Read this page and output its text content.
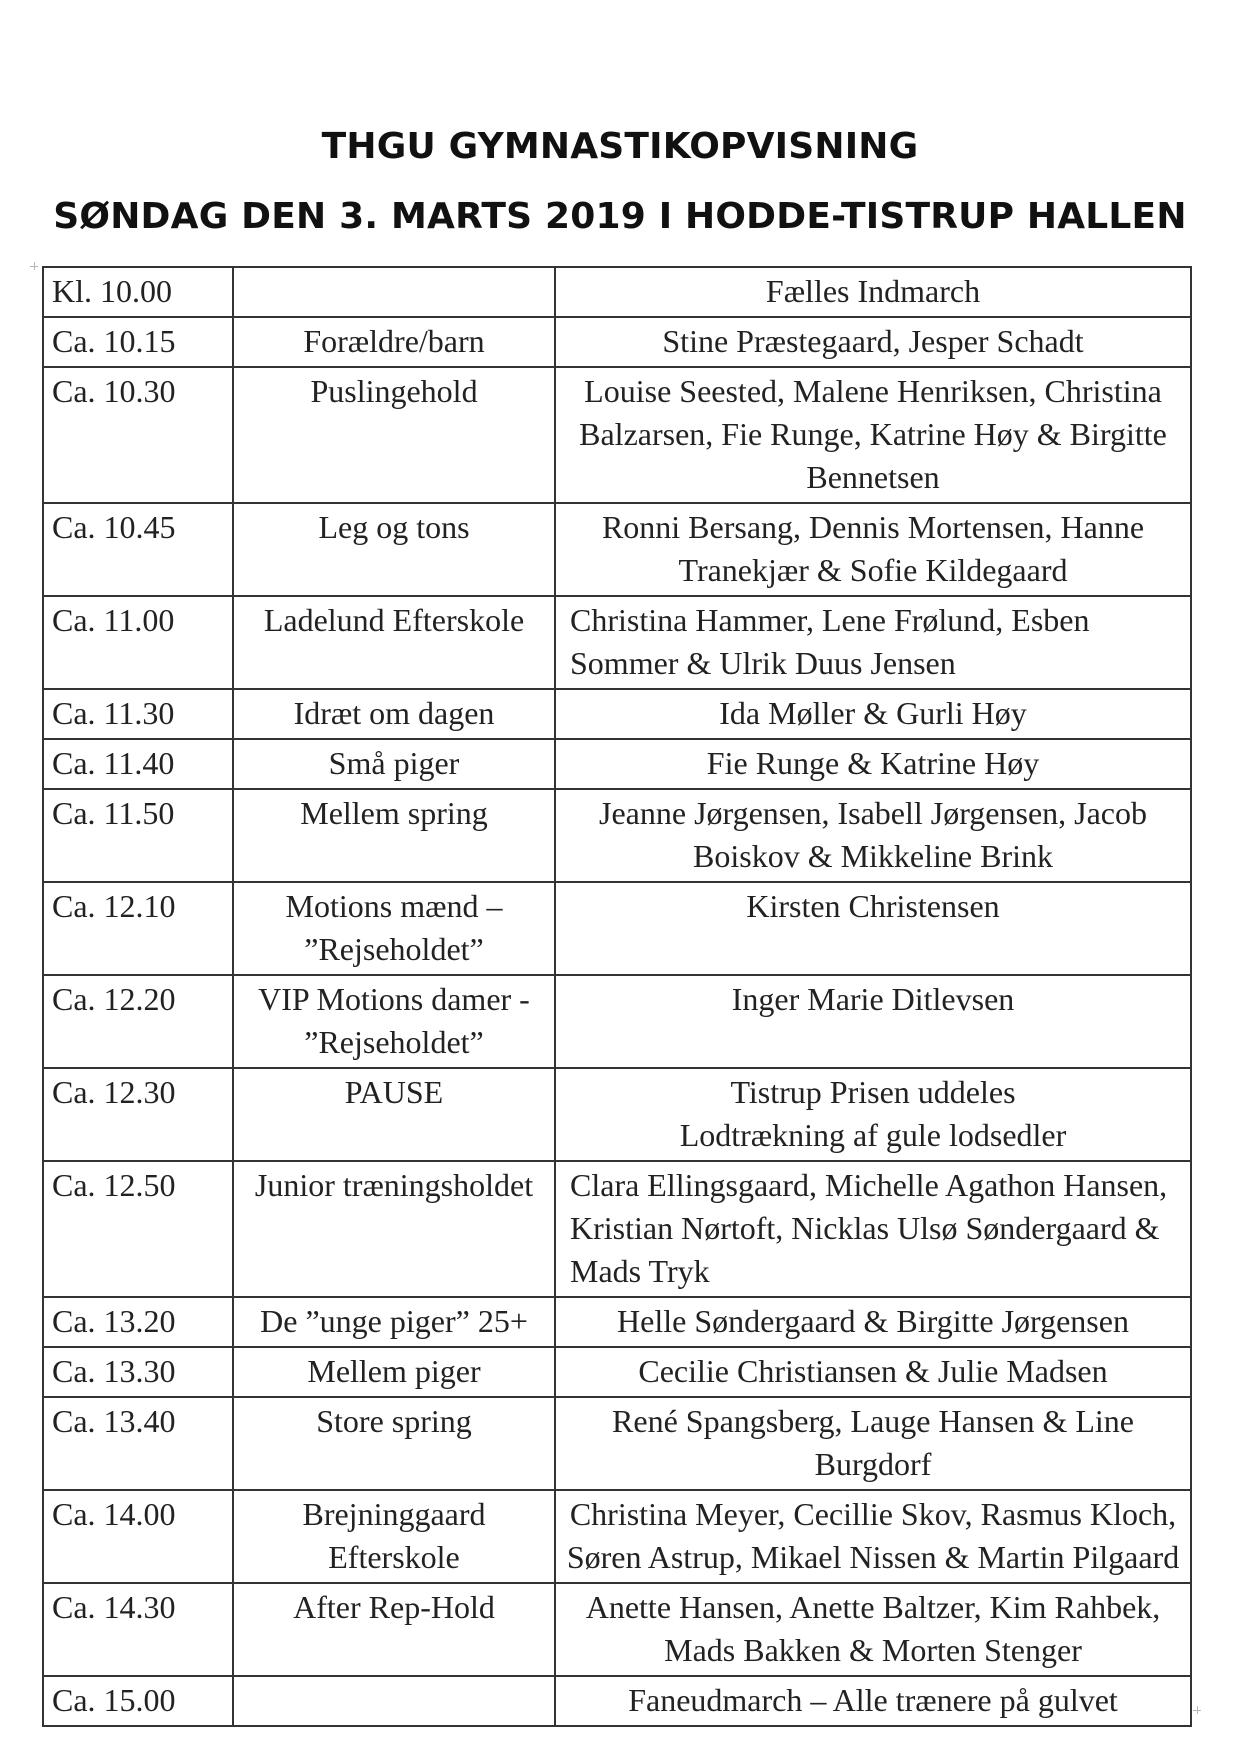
THGU GYMNASTIKOPVISNING
SØNDAG DEN 3. MARTS 2019 I HODDE-TISTRUP HALLEN
Kl. 10.00		Fælles Indmarch
Ca. 10.15	Forældre/barn	Stine Præstegaard, Jesper Schadt
Ca. 10.30	Puslingehold	Louise Seested, Malene Henriksen, Christina Balzarsen, Fie Runge, Katrine Høy & Birgitte Bennetsen
Ca. 10.45	Leg og tons	Ronni Bersang, Dennis Mortensen, Hanne Tranekjær & Sofie Kildegaard
Ca. 11.00	Ladelund Efterskole	Christina Hammer, Lene Frølund, Esben Sommer & Ulrik Duus Jensen
Ca. 11.30	Idræt om dagen	Ida Møller & Gurli Høy
Ca. 11.40	Små piger	Fie Runge & Katrine Høy
Ca. 11.50	Mellem spring	Jeanne Jørgensen, Isabell Jørgensen, Jacob Boiskov & Mikkeline Brink
Ca. 12.10	Motions mænd – ”Rejseholdet”	Kirsten Christensen
Ca. 12.20	VIP Motions damer - ”Rejseholdet”	Inger Marie Ditlevsen
Ca. 12.30	PAUSE	Tistrup Prisen uddeles
Lodtrækning af gule lodsedler

Ca. 12.50	Junior træningsholdet	Clara Ellingsgaard, Michelle Agathon Hansen, Kristian Nørtoft, Nicklas Ulsø Søndergaard & Mads Tryk
Ca. 13.20	De ”unge piger” 25+	Helle Søndergaard & Birgitte Jørgensen
Ca. 13.30	Mellem piger	Cecilie Christiansen & Julie Madsen
Ca. 13.40	Store spring	René Spangsberg, Lauge Hansen & Line Burgdorf
Ca. 14.00	Brejninggaard Efterskole	Christina Meyer, Cecillie Skov, Rasmus Kloch, Søren Astrup, Mikael Nissen & Martin Pilgaard
Ca. 14.30	After Rep-Hold	Anette Hansen, Anette Baltzer, Kim Rahbek, Mads Bakken & Morten Stenger
Ca. 15.00		Faneudmarch – Alle trænere på gulvet
